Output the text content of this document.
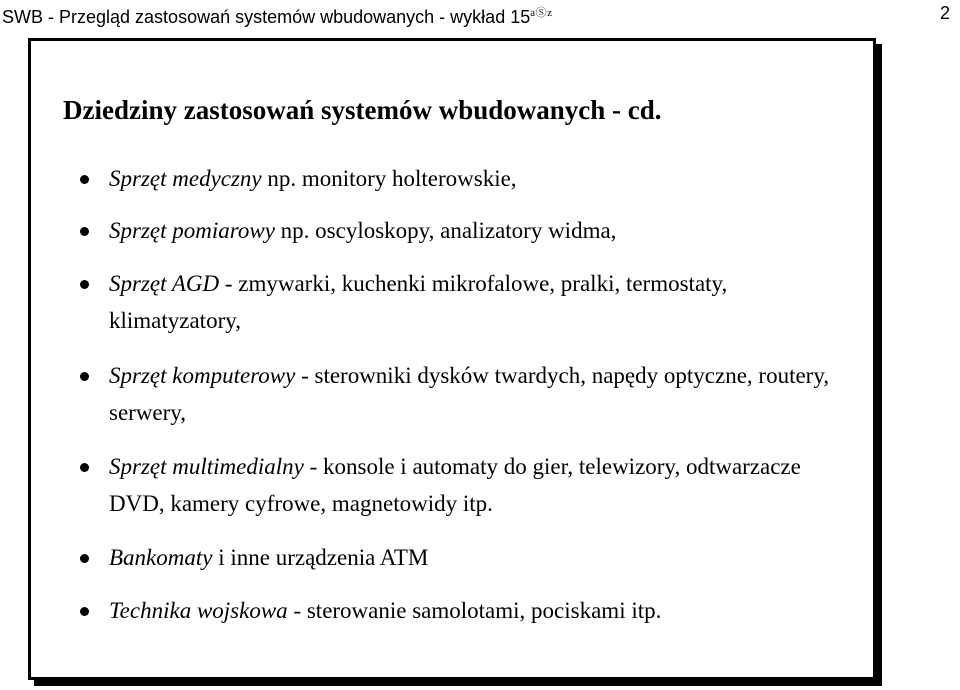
SWB - Przegląd zastosowań systemów wbudowanych - wykład $15^{aⓈz}$	2
Dziedziny zastosowań systemów wbudowanych - cd.
Sprzęt medyczny np. monitory holterowskie,
Sprzęt pomiarowy np. oscyloskopy, analizatory widma,
Sprzęt AGD - zmywarki, kuchenki mikrofalowe, pralki, termostaty, klimatyzatory,
Sprzęt komputerowy - sterowniki dysków twardych, napędy optyczne, routery, serwery,
Sprzęt multimedialny - konsole i automaty do gier, telewizory, odtwarzacze DVD, kamery cyfrowe, magnetowidy itp.
Bankomaty i inne urządzenia ATM
Technika wojskowa - sterowanie samolotami, pociskami itp.
